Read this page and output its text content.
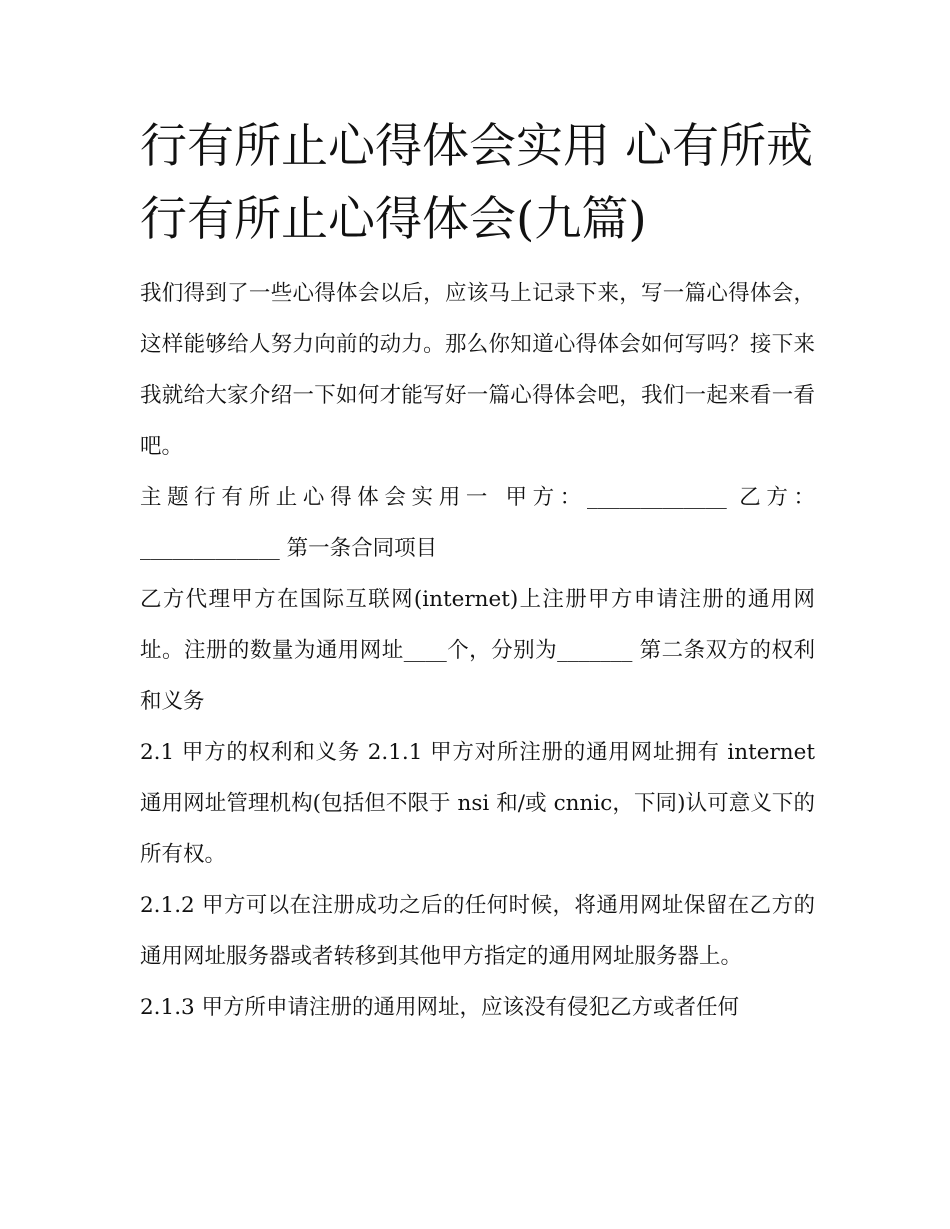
行有所止心得体会实用 心有所戒行有所止心得体会(九篇)

我们得到了一些心得体会以后，应该马上记录下来，写一篇心得体会，这样能够给人努力向前的动力。那么你知道心得体会如何写吗？接下来我就给大家介绍一下如何才能写好一篇心得体会吧，我们一起来看一看吧。

主题行有所止心得体会实用一 甲方：_____________ 乙方：_____________ 第一条合同项目

乙方代理甲方在国际互联网(internet)上注册甲方申请注册的通用网址。注册的数量为通用网址____个，分别为_______ 第二条双方的权利和义务

2.1 甲方的权利和义务 2.1.1 甲方对所注册的通用网址拥有 internet 通用网址管理机构(包括但不限于 nsi 和/或 cnnic，下同)认可意义下的所有权。

2.1.2 甲方可以在注册成功之后的任何时候，将通用网址保留在乙方的通用网址服务器或者转移到其他甲方指定的通用网址服务器上。

2.1.3 甲方所申请注册的通用网址，应该没有侵犯乙方或者任何
